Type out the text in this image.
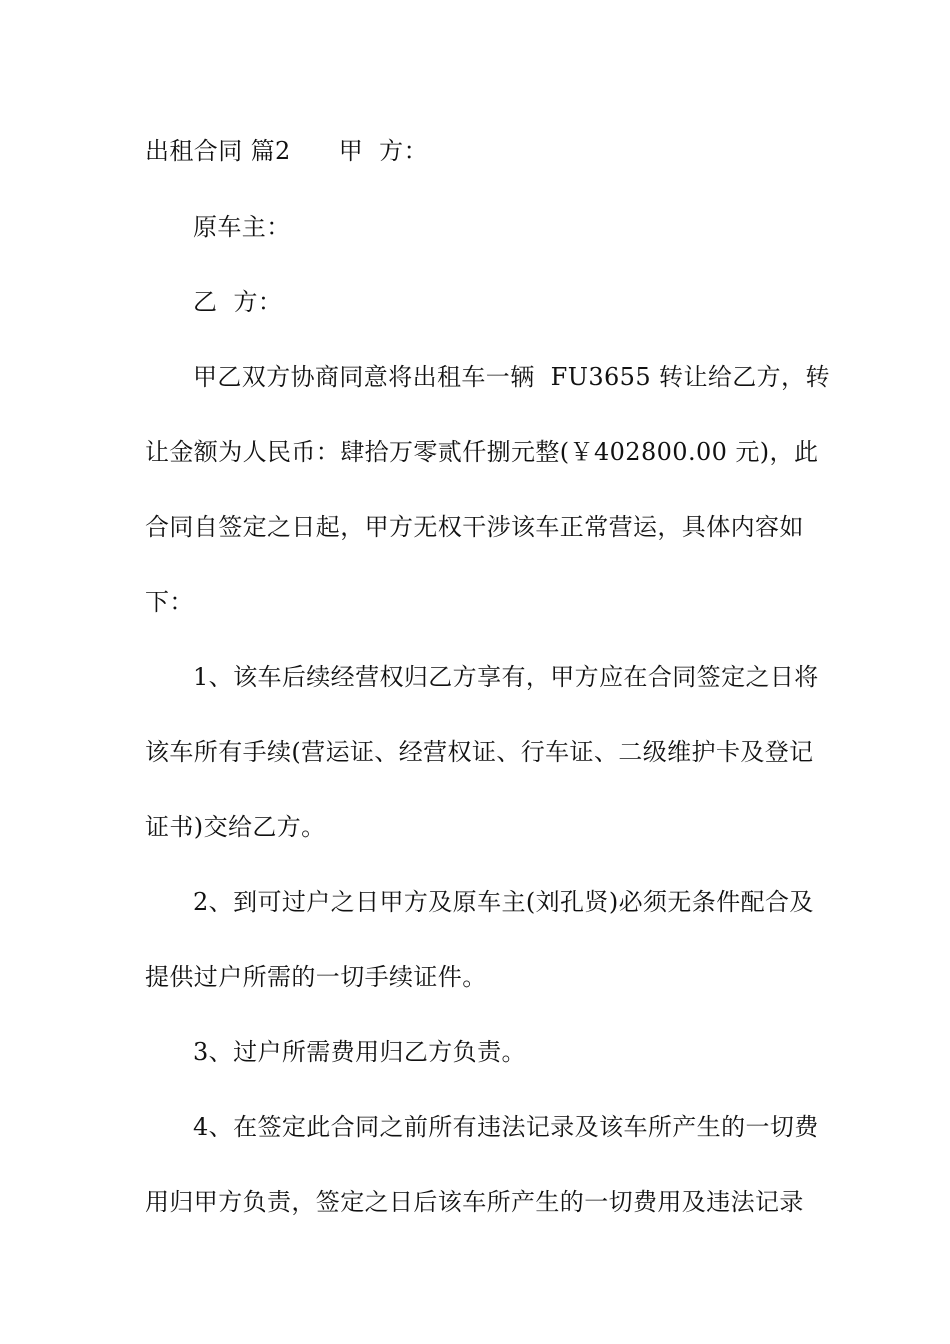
出租合同 篇2 甲  方：
原车主：
乙  方：
甲乙双方协商同意将出租车一辆  FU3655 转让给乙方，转
让金额为人民币：肆拾万零贰仟捌元整(￥402800.00 元)，此
合同自签定之日起，甲方无权干涉该车正常营运，具体内容如
下：
1、该车后续经营权归乙方享有，甲方应在合同签定之日将
该车所有手续(营运证、经营权证、行车证、二级维护卡及登记
证书)交给乙方。
2、到可过户之日甲方及原车主(刘孔贤)必须无条件配合及
提供过户所需的一切手续证件。
3、过户所需费用归乙方负责。
4、在签定此合同之前所有违法记录及该车所产生的一切费
用归甲方负责，签定之日后该车所产生的一切费用及违法记录
